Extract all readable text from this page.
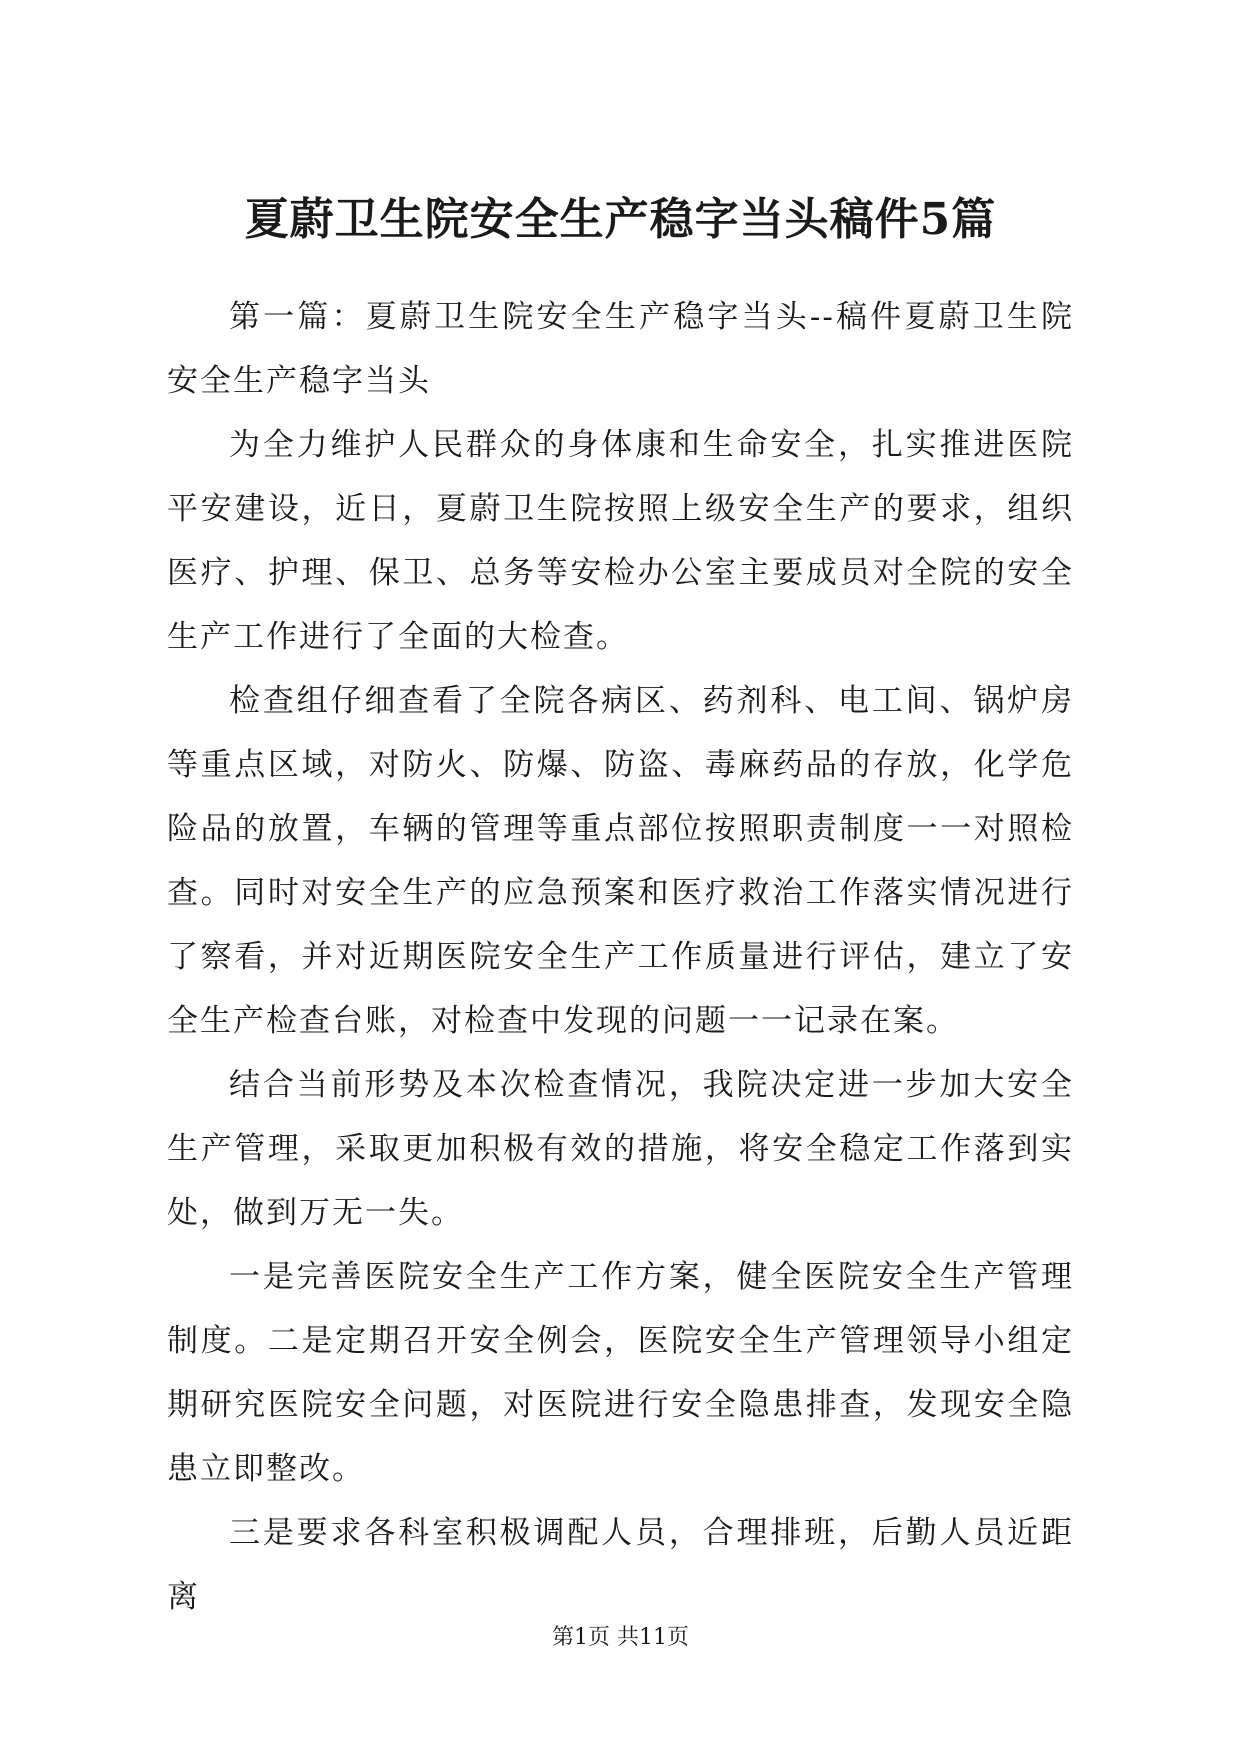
夏蔚卫生院安全生产稳字当头稿件5篇

第一篇：夏蔚卫生院安全生产稳字当头--稿件夏蔚卫生院安全生产稳字当头

为全力维护人民群众的身体康和生命安全，扎实推进医院平安建设，近日，夏蔚卫生院按照上级安全生产的要求，组织医疗、护理、保卫、总务等安检办公室主要成员对全院的安全生产工作进行了全面的大检查。

检查组仔细查看了全院各病区、药剂科、电工间、锅炉房等重点区域，对防火、防爆、防盗、毒麻药品的存放，化学危险品的放置，车辆的管理等重点部位按照职责制度一一对照检查。同时对安全生产的应急预案和医疗救治工作落实情况进行了察看，并对近期医院安全生产工作质量进行评估，建立了安全生产检查台账，对检查中发现的问题一一记录在案。

结合当前形势及本次检查情况，我院决定进一步加大安全生产管理，采取更加积极有效的措施，将安全稳定工作落到实处，做到万无一失。

一是完善医院安全生产工作方案，健全医院安全生产管理制度。二是定期召开安全例会，医院安全生产管理领导小组定期研究医院安全问题，对医院进行安全隐患排查，发现安全隐患立即整改。

三是要求各科室积极调配人员，合理排班，后勤人员近距离

第1页 共11页
